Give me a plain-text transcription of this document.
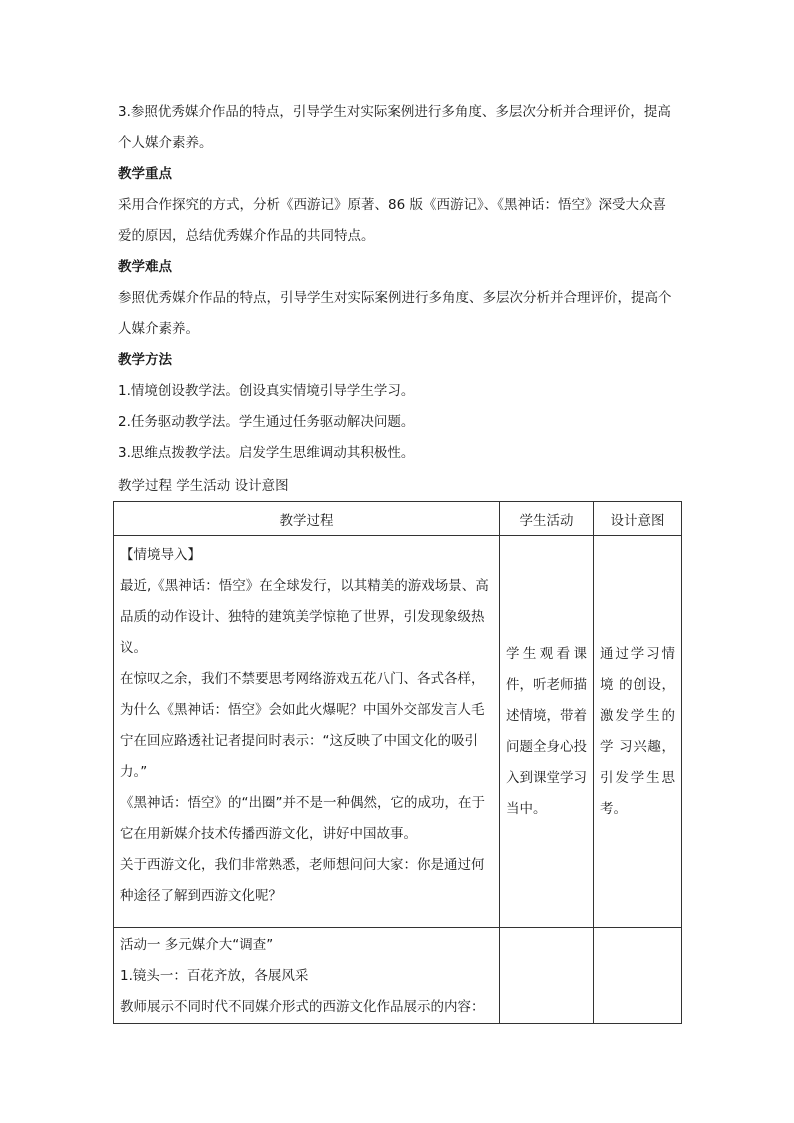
3.参照优秀媒介作品的特点，引导学生对实际案例进行多角度、多层次分析并合理评价，提高个人媒介素养。

教学重点

采用合作探究的方式，分析《西游记》原著、86 版《西游记》、《黑神话：悟空》深受大众喜爱的原因，总结优秀媒介作品的共同特点。

教学难点

参照优秀媒介作品的特点，引导学生对实际案例进行多角度、多层次分析并合理评价，提高个人媒介素养。

教学方法

1.情境创设教学法。创设真实情境引导学生学习。

2.任务驱动教学法。学生通过任务驱动解决问题。

3.思维点拨教学法。启发学生思维调动其积极性。

教学过程 学生活动 设计意图

教学过程	学生活动	设计意图

【情境导入】
最近,《黑神话：悟空》在全球发行，以其精美的游戏场景、高品质的动作设计、独特的建筑美学惊艳了世界，引发现象级热议。
在惊叹之余，我们不禁要思考网络游戏五花八门、各式各样，为什么《黑神话：悟空》会如此火爆呢？中国外交部发言人毛宁在回应路透社记者提问时表示：“这反映了中国文化的吸引力。”
《黑神话：悟空》的“出圈”并不是一种偶然，它的成功，在于它在用新媒介技术传播西游文化，讲好中国故事。
关于西游文化，我们非常熟悉，老师想问问大家：你是通过何种途径了解到西游文化呢？	学生观看课件，听老师描述情境，带着问题全身心投入到课堂学习当中。	通过学习情境 的创设，激发学生的学 习兴趣，引发学生思考。

活动一 多元媒介大“调查”
1.镜头一：百花齐放，各展风采
教师展示不同时代不同媒介形式的西游文化作品展示的内容：		
